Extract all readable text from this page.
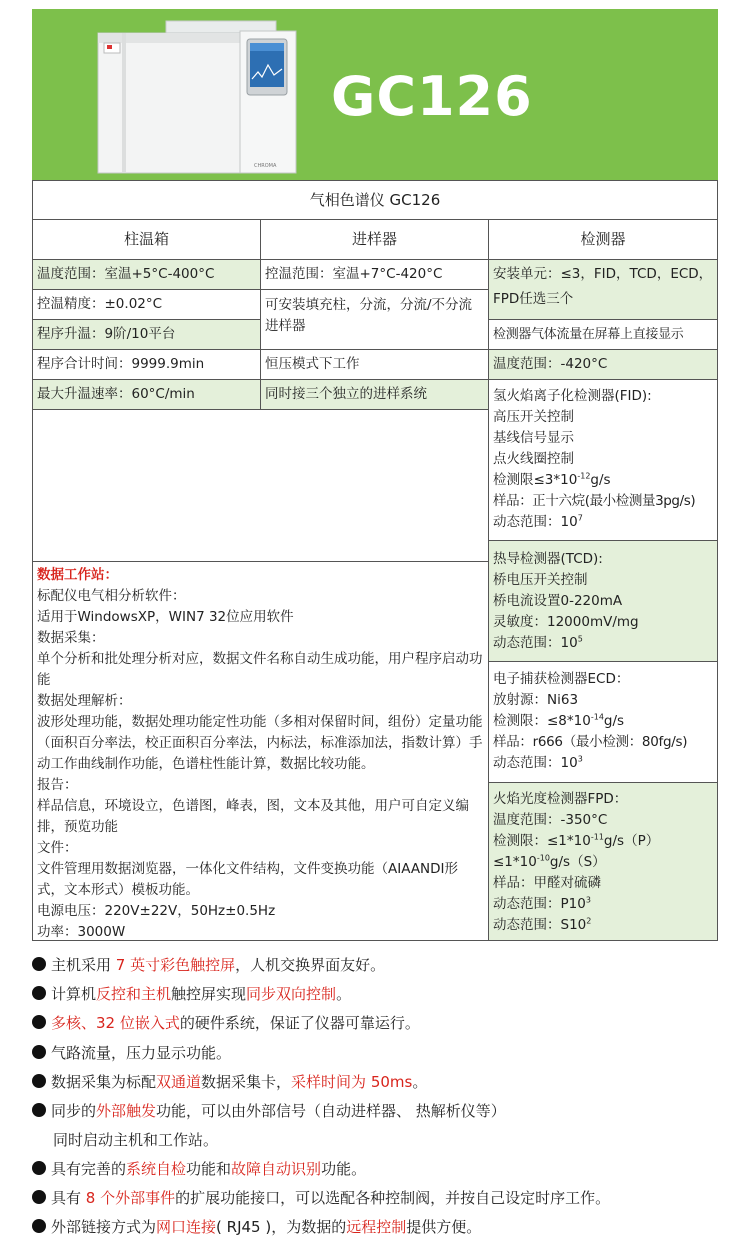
CHROMA
GC126
气相色谱仪 GC126
柱温箱	进样器	检测器
温度范围：室温+5°C-400°C
控温精度：±0.02°C
程序升温：9阶/10平台
程序合计时间：9999.9min
最大升温速率：60°C/min
控温范围：室温+7°C-420°C
可安装填充柱，分流，分流/不分流进样器
恒压模式下工作
同时接三个独立的进样系统
数据工作站：
标配仪电气相分析软件：
适用于WindowsXP，WIN7 32位应用软件
数据采集：
单个分析和批处理分析对应，数据文件名称自动生成功能，用户程序启动功能
数据处理解析：
波形处理功能，数据处理功能定性功能（多相对保留时间，组份）定量功能（面积百分率法，校正面积百分率法，内标法，标准添加法，指数计算）手动工作曲线制作功能，色谱柱性能计算，数据比较功能。
报告：
样品信息，环境设立，色谱图，峰表，图，文本及其他，用户可自定义编排，预览功能
文件：
文件管理用数据浏览器，一体化文件结构，文件变换功能（AIAANDI形式，文本形式）模板功能。
电源电压：220V±22V，50Hz±0.5Hz
功率：3000W
安装单元：≤3，FID，TCD，ECD，
FPD任选三个
检测器气体流量在屏幕上直接显示
温度范围：-420°C
氢火焰离子化检测器(FID):
高压开关控制
基线信号显示
点火线圈控制
检测限$\le 3*10^{-12}g/s$
样品：正十六烷(最小检测量3pg/s)
动态范围：$10^7$
热导检测器(TCD):
桥电压开关控制
桥电流设置0-220mA
灵敏度：12000mV/mg
动态范围：$10^5$
电子捕获检测器ECD：
放射源：Ni63
检测限：$\le 8*10^{-14}g/s$
样品：r666（最小检测：80fg/s)
动态范围：$10^3$
火焰光度检测器FPD：
温度范围：-350°C
检测限：$\le 1*10^{-11}g/s(P)$
$\le 1*10^{-10}g/s(S)$
样品：甲醛对硫磷
动态范围：$P10^3$
动态范围：$S10^2$
主机采用 7 英寸彩色触控屏，人机交换界面友好。
计算机反控和主机触控屏实现同步双向控制。
多核、32 位嵌入式的硬件系统，保证了仪器可靠运行。
气路流量，压力显示功能。
数据采集为标配双通道数据采集卡，采样时间为 50ms。
同步的外部触发功能，可以由外部信号（自动进样器、 热解析仪等）
同时启动主机和工作站。
具有完善的系统自检功能和故障自动识别功能。
具有 8 个外部事件的扩展功能接口，可以选配各种控制阀，并按自己设定时序工作。
外部链接方式为网口连接( RJ45 )，为数据的远程控制提供方便。
